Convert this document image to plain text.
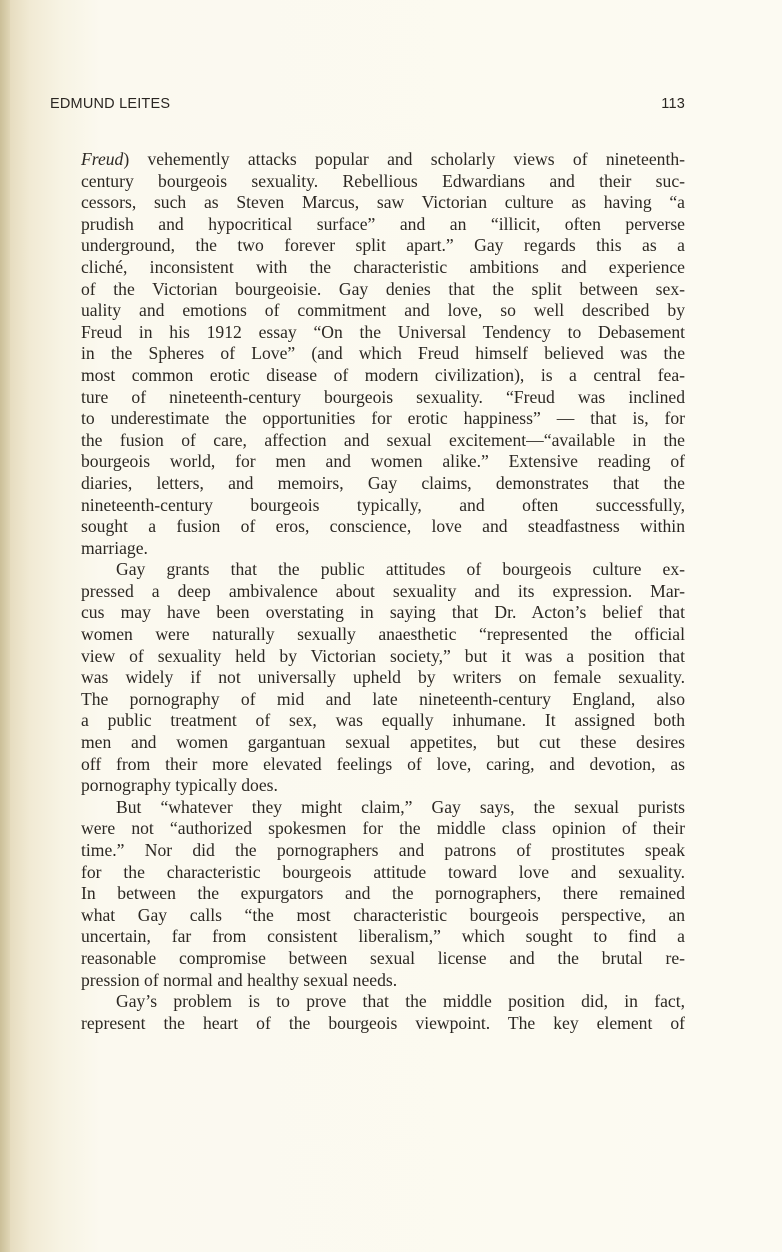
EDMUND LEITES	113
Freud) vehemently attacks popular and scholarly views of nineteenth-
century bourgeois sexuality. Rebellious Edwardians and their suc-
cessors, such as Steven Marcus, saw Victorian culture as having “a
prudish and hypocritical surface” and an “illicit, often perverse
underground, the two forever split apart.” Gay regards this as a
cliché, inconsistent with the characteristic ambitions and experience
of the Victorian bourgeoisie. Gay denies that the split between sex-
uality and emotions of commitment and love, so well described by
Freud in his 1912 essay “On the Universal Tendency to Debasement
in the Spheres of Love” (and which Freud himself believed was the
most common erotic disease of modern civilization), is a central fea-
ture of nineteenth-century bourgeois sexuality. “Freud was inclined
to underestimate the opportunities for erotic happiness” — that is, for
the fusion of care, affection and sexual excitement—“available in the
bourgeois world, for men and women alike.” Extensive reading of
diaries, letters, and memoirs, Gay claims, demonstrates that the
nineteenth-century bourgeois typically, and often successfully,
sought a fusion of eros, conscience, love and steadfastness within
marriage.
Gay grants that the public attitudes of bourgeois culture ex-
pressed a deep ambivalence about sexuality and its expression. Mar-
cus may have been overstating in saying that Dr. Acton’s belief that
women were naturally sexually anaesthetic “represented the official
view of sexuality held by Victorian society,” but it was a position that
was widely if not universally upheld by writers on female sexuality.
The pornography of mid and late nineteenth-century England, also
a public treatment of sex, was equally inhumane. It assigned both
men and women gargantuan sexual appetites, but cut these desires
off from their more elevated feelings of love, caring, and devotion, as
pornography typically does.
But “whatever they might claim,” Gay says, the sexual purists
were not “authorized spokesmen for the middle class opinion of their
time.” Nor did the pornographers and patrons of prostitutes speak
for the characteristic bourgeois attitude toward love and sexuality.
In between the expurgators and the pornographers, there remained
what Gay calls “the most characteristic bourgeois perspective, an
uncertain, far from consistent liberalism,” which sought to find a
reasonable compromise between sexual license and the brutal re-
pression of normal and healthy sexual needs.
Gay’s problem is to prove that the middle position did, in fact,
represent the heart of the bourgeois viewpoint. The key element of
